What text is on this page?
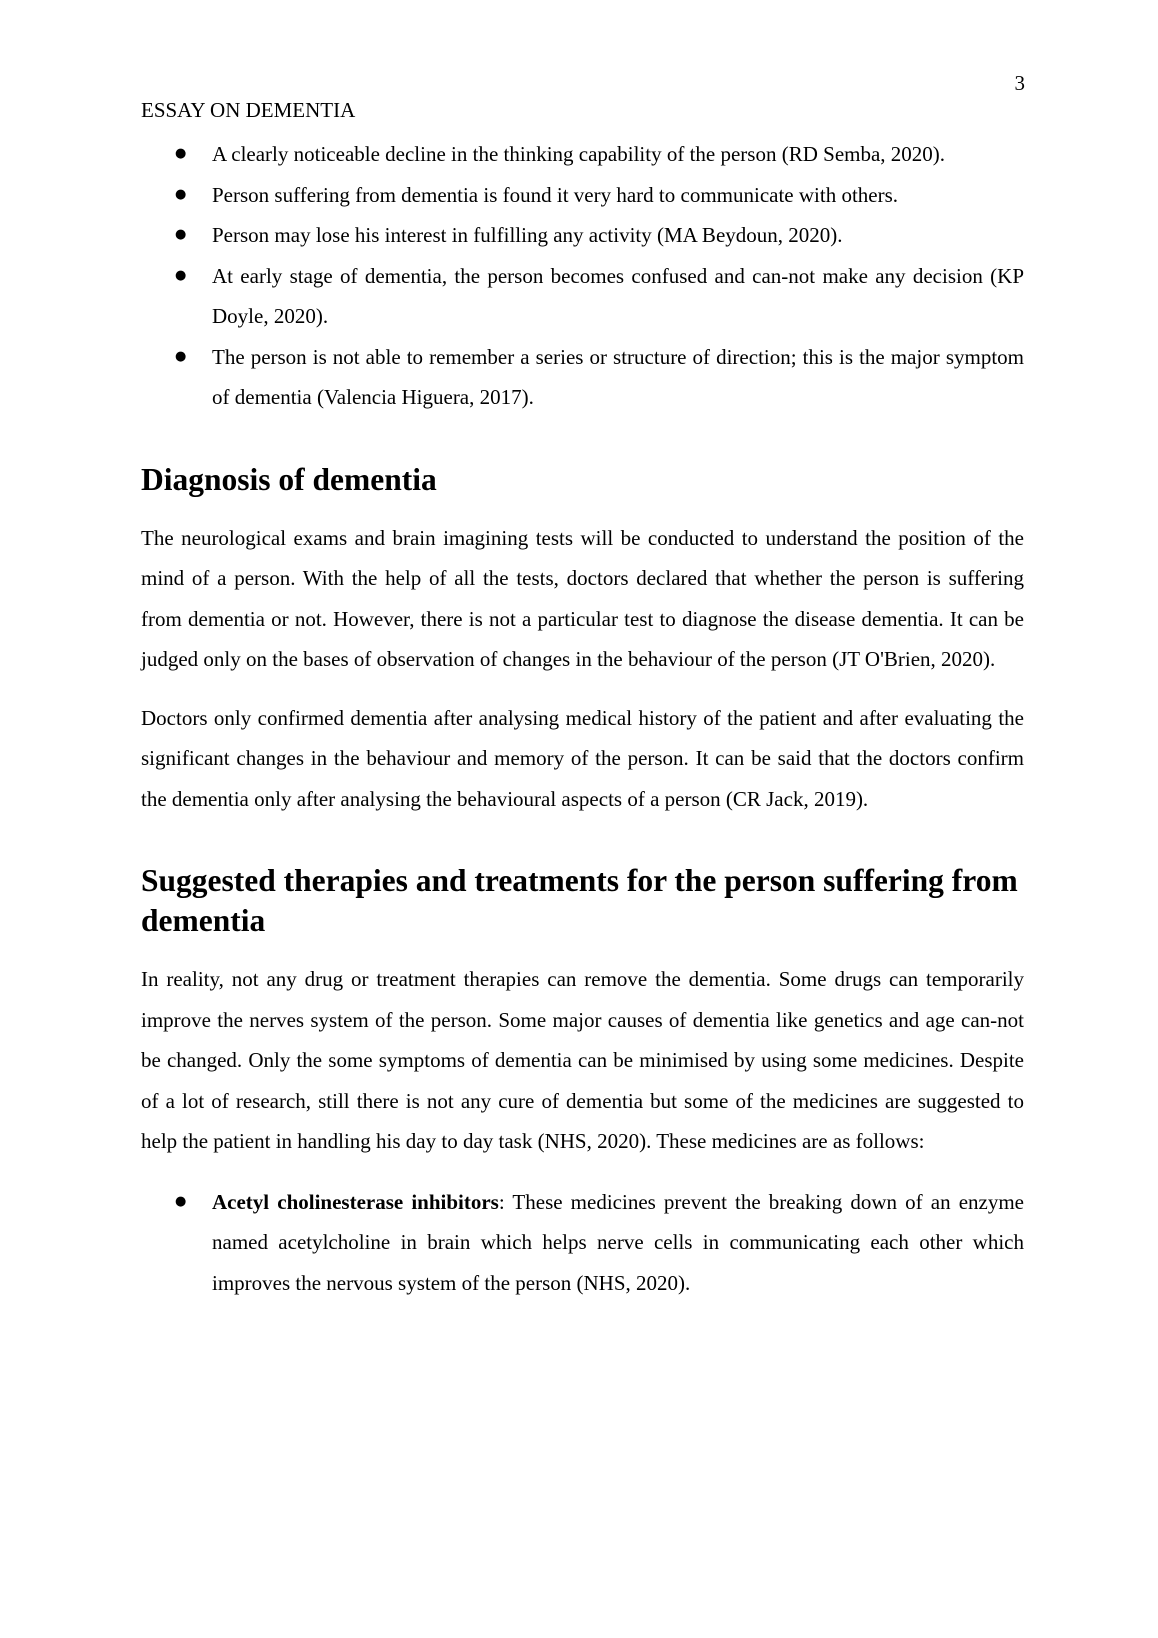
3
ESSAY ON DEMENTIA
● A clearly noticeable decline in the thinking capability of the person (RD Semba, 2020).
● Person suffering from dementia is found it very hard to communicate with others.
● Person may lose his interest in fulfilling any activity (MA Beydoun, 2020).
● At early stage of dementia, the person becomes confused and can-not make any decision (KP Doyle, 2020).
● The person is not able to remember a series or structure of direction; this is the major symptom of dementia (Valencia Higuera, 2017).
Diagnosis of dementia

The neurological exams and brain imagining tests will be conducted to understand the position of the mind of a person. With the help of all the tests, doctors declared that whether the person is suffering from dementia or not. However, there is not a particular test to diagnose the disease dementia. It can be judged only on the bases of observation of changes in the behaviour of the person (JT O'Brien, 2020).

Doctors only confirmed dementia after analysing medical history of the patient and after evaluating the significant changes in the behaviour and memory of the person. It can be said that the doctors confirm the dementia only after analysing the behavioural aspects of a person (CR Jack, 2019).

Suggested therapies and treatments for the person suffering from dementia

In reality, not any drug or treatment therapies can remove the dementia. Some drugs can temporarily improve the nerves system of the person. Some major causes of dementia like genetics and age can-not be changed. Only the some symptoms of dementia can be minimised by using some medicines. Despite of a lot of research, still there is not any cure of dementia but some of the medicines are suggested to help the patient in handling his day to day task (NHS, 2020). These medicines are as follows:

● Acetyl cholinesterase inhibitors: These medicines prevent the breaking down of an enzyme named acetylcholine in brain which helps nerve cells in communicating each other which improves the nervous system of the person (NHS, 2020).
